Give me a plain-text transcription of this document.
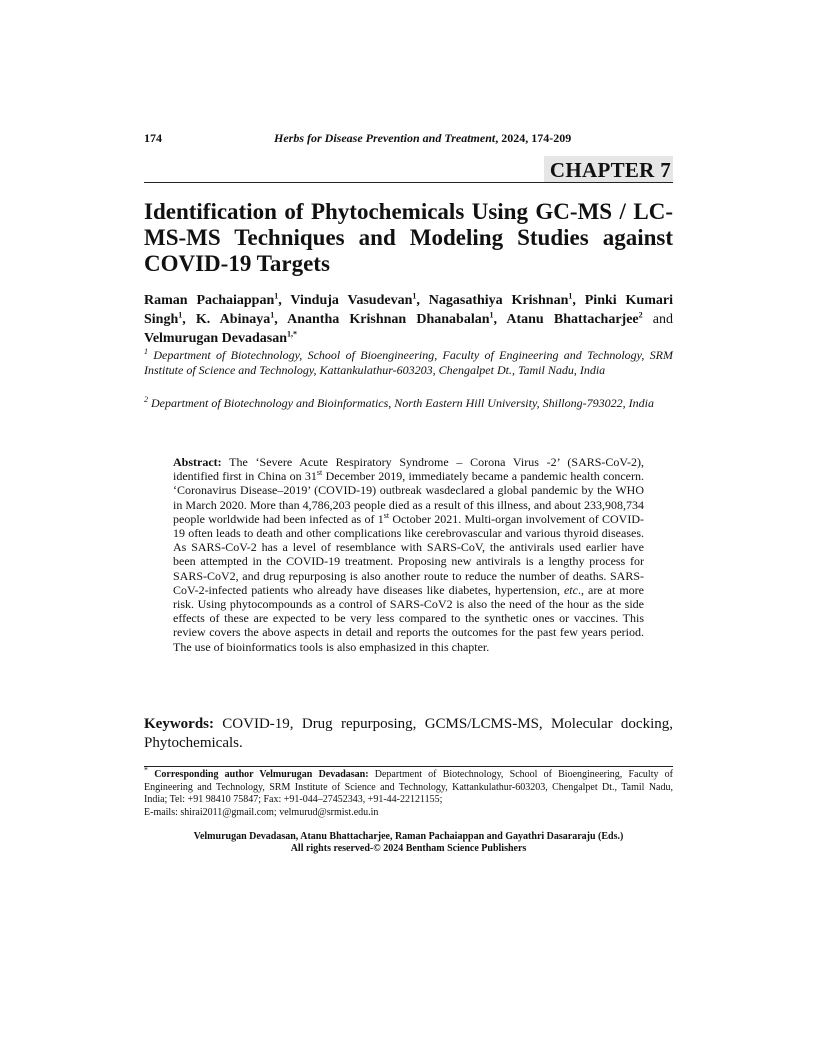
174	Herbs for Disease Prevention and Treatment, 2024, 174-209
CHAPTER 7
Identification of Phytochemicals Using GC-MS / LC-MS-MS Techniques and Modeling Studies against COVID-19 Targets
Raman Pachaiappan$^1$, Vinduja Vasudevan$^1$, Nagasathiya Krishnan$^1$, Pinki Kumari Singh$^1$, K. Abinaya$^1$, Anantha Krishnan Dhanabalan$^1$, Atanu Bhattacharjee$^2$ and Velmurugan Devadasan$^{1,*}$
$^1$ Department of Biotechnology, School of Bioengineering, Faculty of Engineering and Technology, SRM Institute of Science and Technology, Kattankulathur-603203, Chengalpet Dt., Tamil Nadu, India
$^2$ Department of Biotechnology and Bioinformatics, North Eastern Hill University, Shillong-793022, India
Abstract: The ‘Severe Acute Respiratory Syndrome – Corona Virus -2’ (SARS-CoV-2), identified first in China on 31st December 2019, immediately became a pandemic health concern. ‘Coronavirus Disease–2019’ (COVID-19) outbreak wasdeclared a global pandemic by the WHO in March 2020. More than 4,786,203 people died as a result of this illness, and about 233,908,734 people worldwide had been infected as of 1st October 2021. Multi-organ involvement of COVID-19 often leads to death and other complications like cerebrovascular and various thyroid diseases. As SARS-CoV-2 has a level of resemblance with SARS-CoV, the antivirals used earlier have been attempted in the COVID-19 treatment. Proposing new antivirals is a lengthy process for SARS-CoV2, and drug repurposing is also another route to reduce the number of deaths. SARS-CoV-2-infected patients who already have diseases like diabetes, hypertension, etc., are at more risk. Using phytocompounds as a control of SARS-CoV2 is also the need of the hour as the side effects of these are expected to be very less compared to the synthetic ones or vaccines. This review covers the above aspects in detail and reports the outcomes for the past few years period. The use of bioinformatics tools is also emphasized in this chapter.
Keywords: COVID-19, Drug repurposing, GCMS/LCMS-MS, Molecular docking, Phytochemicals.
* Corresponding author Velmurugan Devadasan: Department of Biotechnology, School of Bioengineering, Faculty of Engineering and Technology, SRM Institute of Science and Technology, Kattankulathur-603203, Chengalpet Dt., Tamil Nadu, India; Tel: +91 98410 75847; Fax: +91-044–27452343, +91-44-22121155;
E-mails: shirai2011@gmail.com; velmurud@srmist.edu.in
Velmurugan Devadasan, Atanu Bhattacharjee, Raman Pachaiappan and Gayathri Dasararaju (Eds.)
All rights reserved-© 2024 Bentham Science Publishers
